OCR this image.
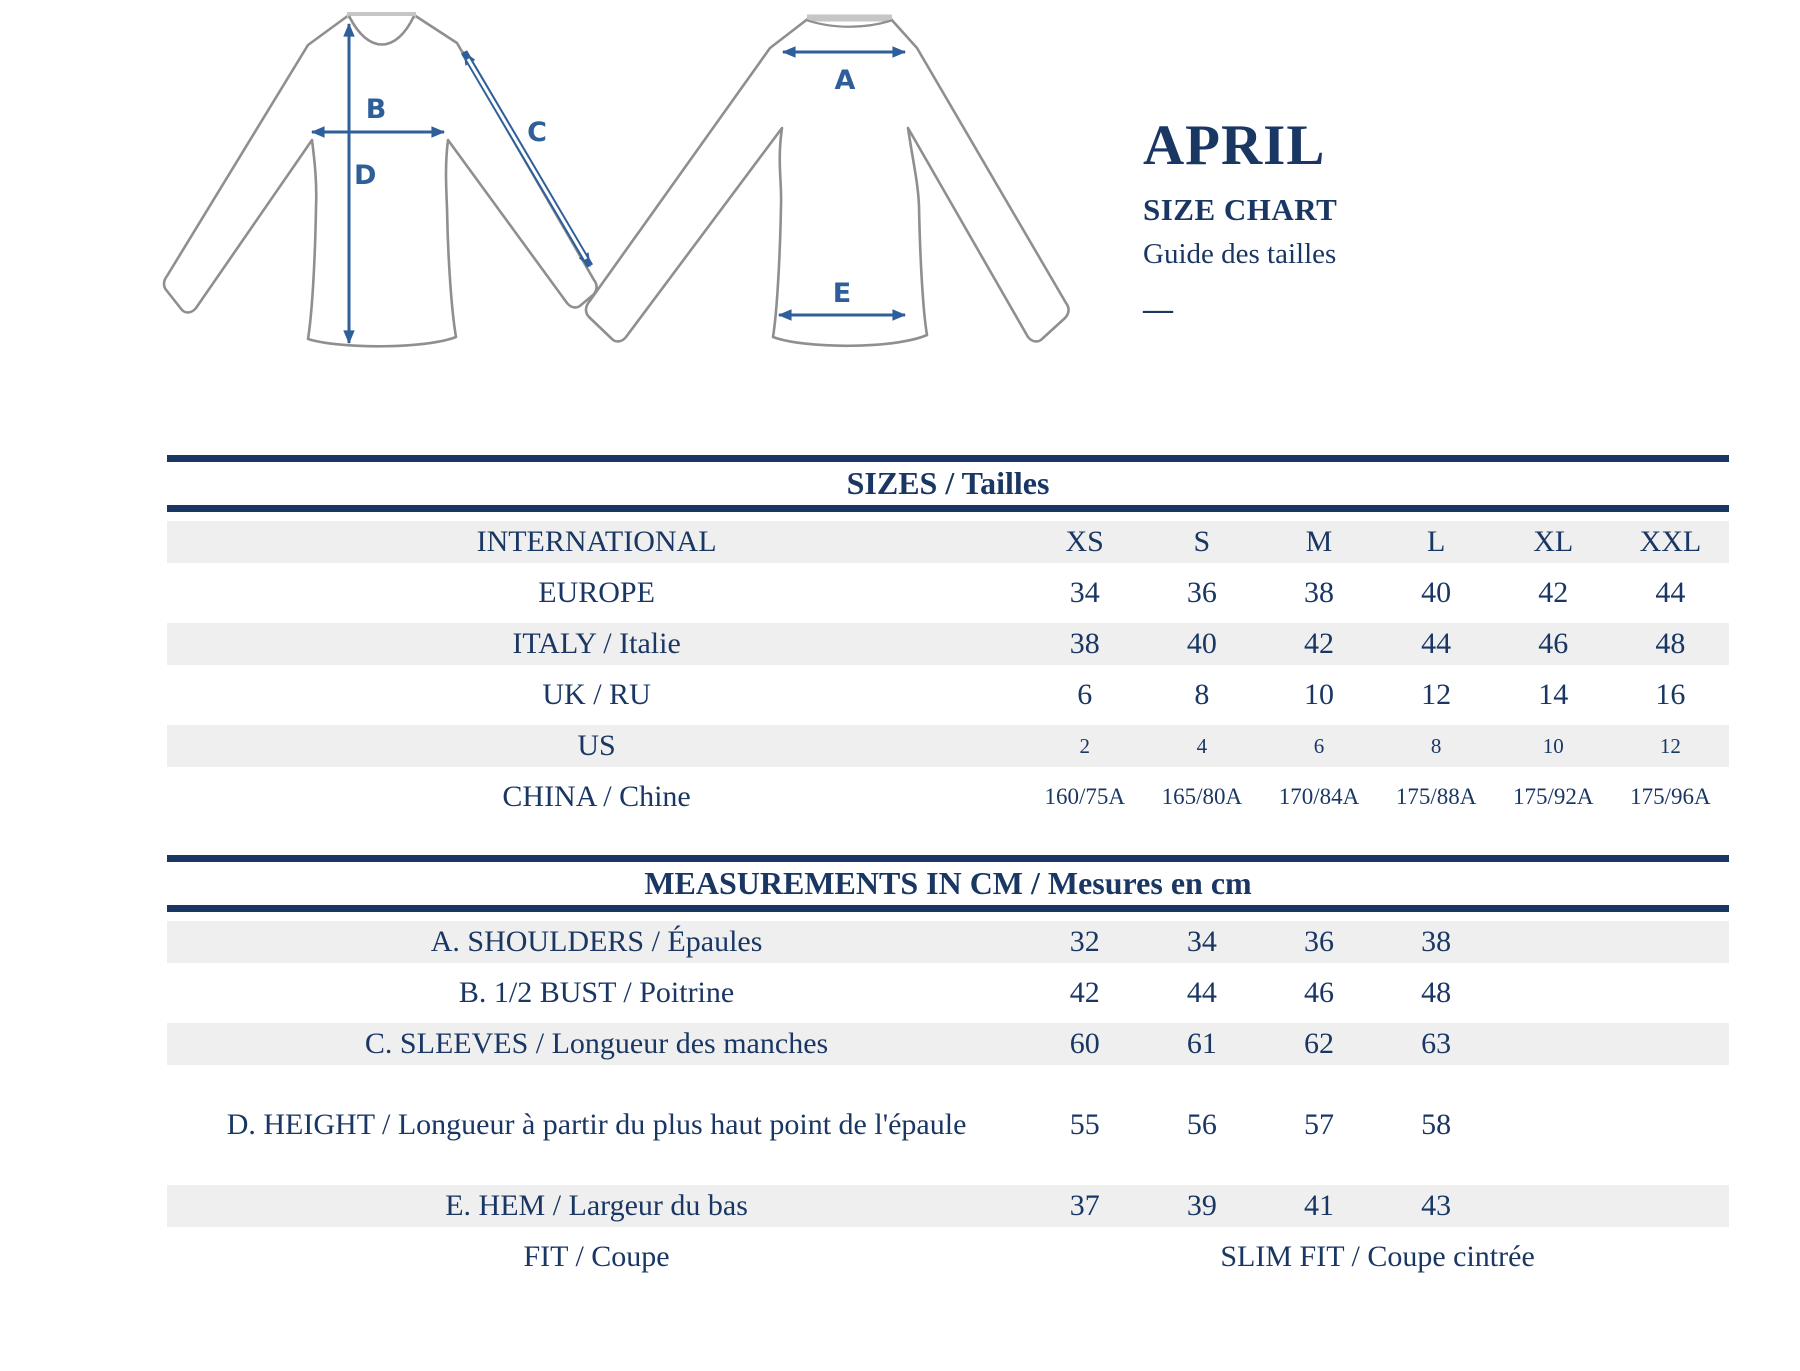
B
D
C
A
E
APRIL
SIZE CHART
Guide des tailles
—
SIZES / Tailles
INTERNATIONAL	XS	S	M	L	XL	XXL
EUROPE	34	36	38	40	42	44
ITALY / Italie	38	40	42	44	46	48
UK / RU	6	8	10	12	14	16
US	2	4	6	8	10	12
CHINA / Chine	160/75A	165/80A	170/84A	175/88A	175/92A	175/96A
MEASUREMENTS IN CM / Mesures en cm
A. SHOULDERS / Épaules	32	34	36	38		
B. 1/2 BUST / Poitrine	42	44	46	48		
C. SLEEVES / Longueur des manches	60	61	62	63		
D. HEIGHT / Longueur à partir du plus haut point de l'épaule	55	56	57	58		
E. HEM / Largeur du bas	37	39	41	43		
FIT / Coupe	SLIM FIT / Coupe cintrée					
